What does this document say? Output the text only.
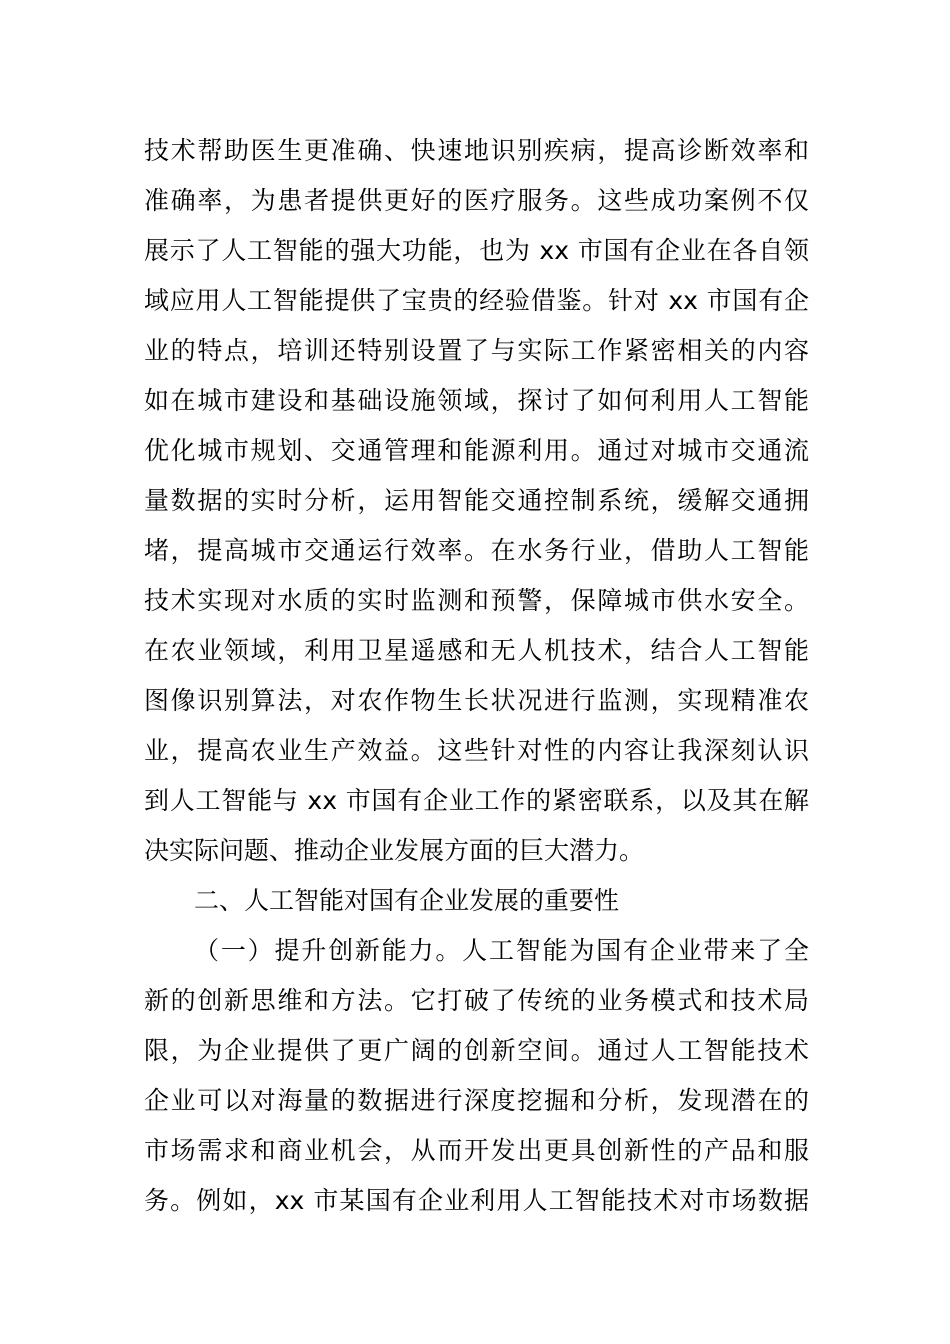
技术帮助医生更准确、快速地识别疾病，提高诊断效率和
准确率，为患者提供更好的医疗服务。这些成功案例不仅
展示了人工智能的强大功能，也为 xx 市国有企业在各自领
域应用人工智能提供了宝贵的经验借鉴。针对 xx 市国有企
业的特点，培训还特别设置了与实际工作紧密相关的内容
如在城市建设和基础设施领域，探讨了如何利用人工智能
优化城市规划、交通管理和能源利用。通过对城市交通流
量数据的实时分析，运用智能交通控制系统，缓解交通拥
堵，提高城市交通运行效率。在水务行业，借助人工智能
技术实现对水质的实时监测和预警，保障城市供水安全。
在农业领域，利用卫星遥感和无人机技术，结合人工智能
图像识别算法，对农作物生长状况进行监测，实现精准农
业，提高农业生产效益。这些针对性的内容让我深刻认识
到人工智能与 xx 市国有企业工作的紧密联系，以及其在解
决实际问题、推动企业发展方面的巨大潜力。
二、人工智能对国有企业发展的重要性
（一）提升创新能力。人工智能为国有企业带来了全
新的创新思维和方法。它打破了传统的业务模式和技术局
限，为企业提供了更广阔的创新空间。通过人工智能技术
企业可以对海量的数据进行深度挖掘和分析，发现潜在的
市场需求和商业机会，从而开发出更具创新性的产品和服
务。例如，xx 市某国有企业利用人工智能技术对市场数据
